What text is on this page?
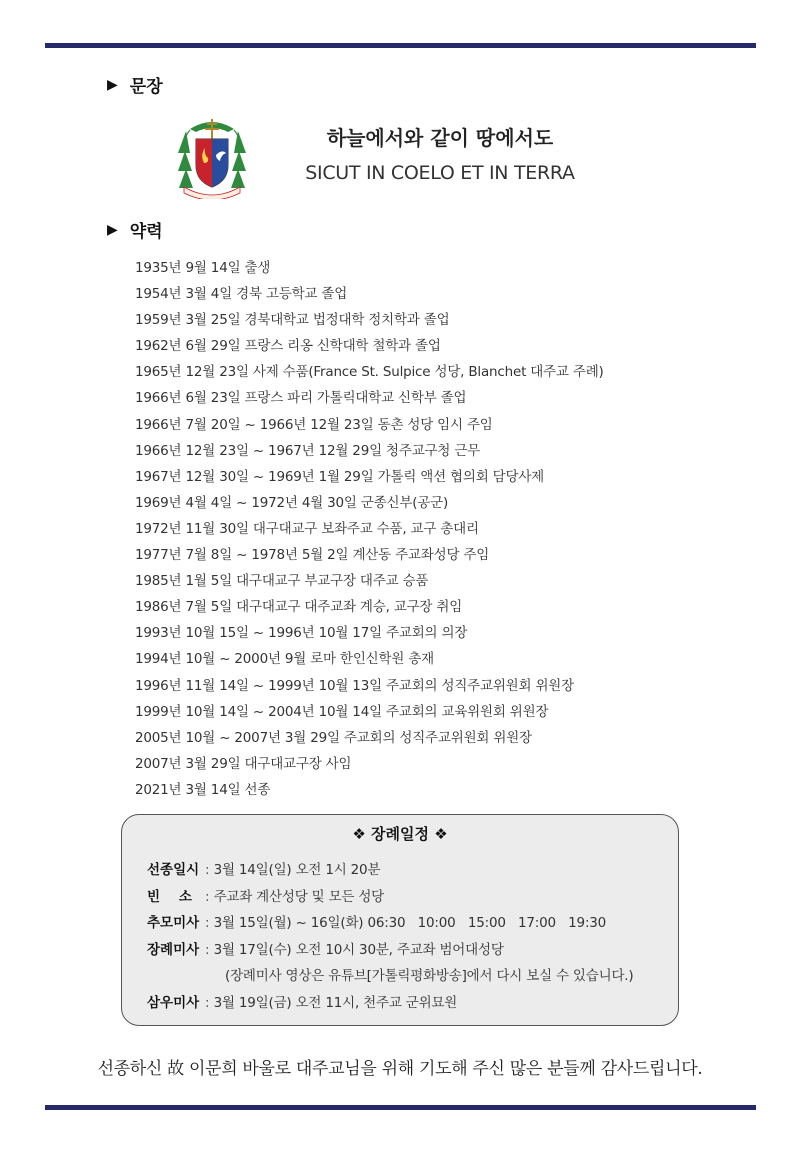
▶ 문장
하늘에서와 같이 땅에서도
SICUT IN COELO ET IN TERRA
▶ 약력
1935년 9월 14일 출생
1954년 3월 4일 경북 고등학교 졸업
1959년 3월 25일 경북대학교 법정대학 정치학과 졸업
1962년 6월 29일 프랑스 리옹 신학대학 철학과 졸업
1965년 12월 23일 사제 수품(France St. Sulpice 성당, Blanchet 대주교 주례)
1966년 6월 23일 프랑스 파리 가톨릭대학교 신학부 졸업
1966년 7월 20일 ~ 1966년 12월 23일 동촌 성당 임시 주임
1966년 12월 23일 ~ 1967년 12월 29일 청주교구청 근무
1967년 12월 30일 ~ 1969년 1월 29일 가톨릭 액션 협의회 담당사제
1969년 4월 4일 ~ 1972년 4월 30일 군종신부(공군)
1972년 11월 30일 대구대교구 보좌주교 수품, 교구 총대리
1977년 7월 8일 ~ 1978년 5월 2일 계산동 주교좌성당 주임
1985년 1월 5일 대구대교구 부교구장 대주교 승품
1986년 7월 5일 대구대교구 대주교좌 계승, 교구장 취임
1993년 10월 15일 ~ 1996년 10월 17일 주교회의 의장
1994년 10월 ~ 2000년 9월 로마 한인신학원 총재
1996년 11월 14일 ~ 1999년 10월 13일 주교회의 성직주교위원회 위원장
1999년 10월 14일 ~ 2004년 10월 14일 주교회의 교육위원회 위원장
2005년 10월 ~ 2007년 3월 29일 주교회의 성직주교위원회 위원장
2007년 3월 29일 대구대교구장 사임
2021년 3월 14일 선종
❖ 장례일정 ❖
선종일시 : 3월 14일(일) 오전 1시 20분
빈    소 : 주교좌 계산성당 및 모든 성당
추모미사 : 3월 15일(월) ~ 16일(화) 06:30   10:00   15:00   17:00   19:30
장례미사 : 3월 17일(수) 오전 10시 30분, 주교좌 범어대성당
(장례미사 영상은 유튜브[가톨릭평화방송]에서 다시 보실 수 있습니다.)
삼우미사 : 3월 19일(금) 오전 11시, 천주교 군위묘원
선종하신 故 이문희 바울로 대주교님을 위해 기도해 주신 많은 분들께 감사드립니다.
